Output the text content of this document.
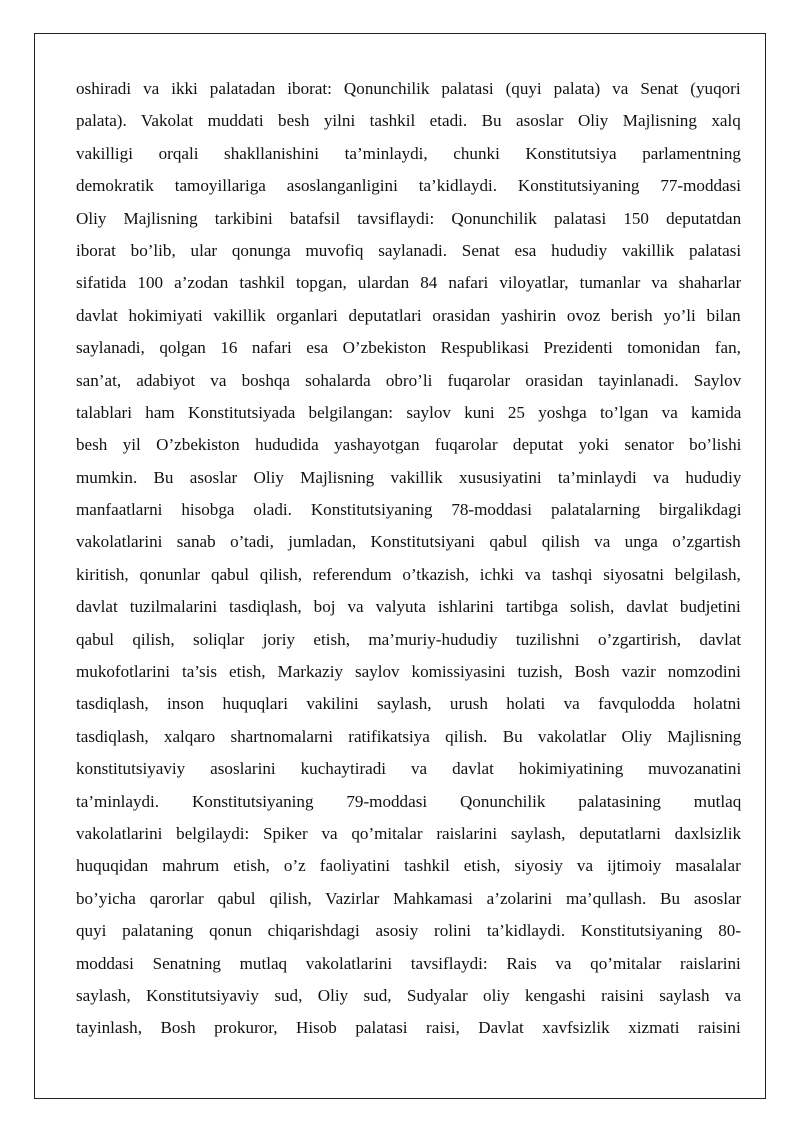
oshiradi va ikki palatadan iborat: Qonunchilik palatasi (quyi palata) va Senat (yuqori
palata). Vakolat muddati besh yilni tashkil etadi. Bu asoslar Oliy Majlisning xalq
vakilligi orqali shakllanishini ta’minlaydi, chunki Konstitutsiya parlamentning
demokratik tamoyillariga asoslanganligini ta’kidlaydi. Konstitutsiyaning 77-moddasi
Oliy Majlisning tarkibini batafsil tavsiflaydi: Qonunchilik palatasi 150 deputatdan
iborat bo’lib, ular qonunga muvofiq saylanadi. Senat esa hududiy vakillik palatasi
sifatida 100 a’zodan tashkil topgan, ulardan 84 nafari viloyatlar, tumanlar va shaharlar
davlat hokimiyati vakillik organlari deputatlari orasidan yashirin ovoz berish yo’li bilan
saylanadi, qolgan 16 nafari esa O’zbekiston Respublikasi Prezidenti tomonidan fan,
san’at, adabiyot va boshqa sohalarda obro’li fuqarolar orasidan tayinlanadi. Saylov
talablari ham Konstitutsiyada belgilangan: saylov kuni 25 yoshga to’lgan va kamida
besh yil O’zbekiston hududida yashayotgan fuqarolar deputat yoki senator bo’lishi
mumkin. Bu asoslar Oliy Majlisning vakillik xususiyatini ta’minlaydi va hududiy
manfaatlarni hisobga oladi. Konstitutsiyaning 78-moddasi palatalarning birgalikdagi
vakolatlarini sanab o’tadi, jumladan, Konstitutsiyani qabul qilish va unga o’zgartish
kiritish, qonunlar qabul qilish, referendum o’tkazish, ichki va tashqi siyosatni belgilash,
davlat tuzilmalarini tasdiqlash, boj va valyuta ishlarini tartibga solish, davlat budjetini
qabul qilish, soliqlar joriy etish, ma’muriy-hududiy tuzilishni o’zgartirish, davlat
mukofotlarini ta’sis etish, Markaziy saylov komissiyasini tuzish, Bosh vazir nomzodini
tasdiqlash, inson huquqlari vakilini saylash, urush holati va favqulodda holatni
tasdiqlash, xalqaro shartnomalarni ratifikatsiya qilish. Bu vakolatlar Oliy Majlisning
konstitutsiyaviy asoslarini kuchaytiradi va davlat hokimiyatining muvozanatini
ta’minlaydi. Konstitutsiyaning 79-moddasi Qonunchilik palatasining mutlaq
vakolatlarini belgilaydi: Spiker va qo’mitalar raislarini saylash, deputatlarni daxlsizlik
huquqidan mahrum etish, o’z faoliyatini tashkil etish, siyosiy va ijtimoiy masalalar
bo’yicha qarorlar qabul qilish, Vazirlar Mahkamasi a’zolarini ma’qullash. Bu asoslar
quyi palataning qonun chiqarishdagi asosiy rolini ta’kidlaydi. Konstitutsiyaning 80-
moddasi Senatning mutlaq vakolatlarini tavsiflaydi: Rais va qo’mitalar raislarini
saylash, Konstitutsiyaviy sud, Oliy sud, Sudyalar oliy kengashi raisini saylash va
tayinlash, Bosh prokuror, Hisob palatasi raisi, Davlat xavfsizlik xizmati raisini
